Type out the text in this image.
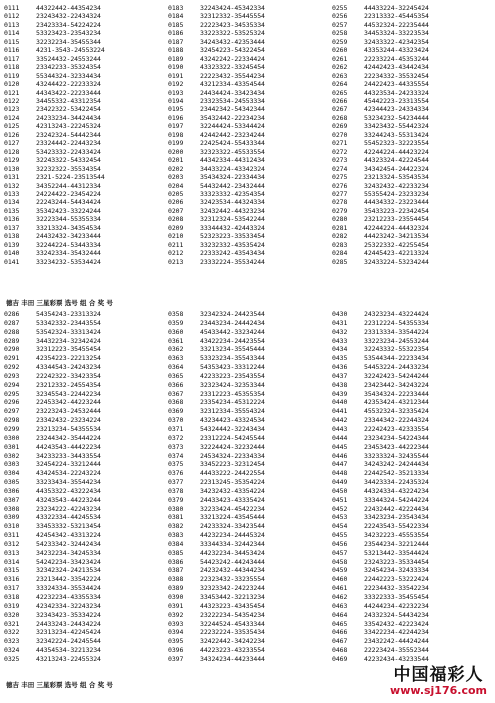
0111	44322442-44354234
0112	23243432-22434324
0113	23423334-54224224
0114	53323423-23543234
0115	32232234-35455344
0116	4231-3543-24553224
0117	33524432-24553244
0118	23342233-35324354
0119	55344324-32334434
0120	43244422-22233324
0121	44343422-22233444
0122	34455332-43312354
0123	23422322-53422454
0124	24233234-34424434
0125	42313243-22245324
0126	23242324-54442344
0127	23324442-22443234
0128	53423332-22433424
0129	32243322-54332454
0130	32232322-35534354
0131	2321-5224-23513544
0132	34352244-44312334
0133	24224422-23454224
0134	22243244-54434424
0135	35342423-33224244
0136	32223344-55355334
0137	33213324-34354534
0138	24432432-34233444
0139	32244224-53443334
0140	33242334-35432444
0141	33234232-53534424
0183	32243424-45342334
0184	32312332-35445554
0185	22223423-34535334
0186	33223322-53525324
0187	34243432-42353444
0188	32454223-54322454
0189	43242242-22334424
0190	43323322-33245454
0191	22223432-35544234
0192	43212334-43354544
0193	24434424-33423434
0194	23323534-24553334
0195	23442342-54342344
0196	35432442-22234234
0197	32244424-53344424
0198	42442442-23234244
0199	22425424-55433344
0200	32323322-45533554
0201	44342334-44312434
0202	34433224-43342324
0203	35434324-22334434
0204	54432442-23432444
0205	33323332-42354354
0206	32423534-44324334
0207	32432442-44323234
0208	32312324-53542244
0209	33344432-42443324
0210	52323223-33533454
0211	33232332-43535424
0212	22333242-43543434
0213	23332224-35534244
0255	44433224-32245424
0256	22313332-45445354
0257	44532324-22235444
0258	34453324-33223534
0259	32433322-42342354
0260	43353244-43323424
0261	22233224-45353244
0262	42442423-43442434
0263	22234332-35532454
0264	24422423-44335554
0265	44323534-24233324
0266	45442223-23313554
0267	42344423-24334334
0268	53234232-54234444
0269	33423432-55442324
0270	33244243-55313424
0271	55452323-32223554
0272	42244224-44423224
0273	44323324-42224544
0274	34342454-24422324
0275	23213324-53543534
0276	32432432-42233234
0277	55355424-23233234
0278	44434332-23223444
0279	35433223-22342454
0280	23212233-23554454
0281	42244224-44432324
0282	44423242-34213534
0283	25322332-42255454
0284	42445423-42213324
0285	32433224-53234244
德吉 丰田 三星彩票 选号 组 合 奖 号
0286	54354243-23313324
0287	53342332-23443554
0288	53542324-33313424
0289	34432234-32342424
0290	32312223-35455454
0291	42354223-22213254
0292	43344543-24243234
0293	22242322-33423354
0294	23212332-24554354
0295	32345543-22442234
0296	22453342-44223244
0297	23223243-24532444
0298	23342432-23234224
0299	23213234-54355534
0300	23244342-35444224
0301	44243543-44422234
0302	34233233-34433554
0303	32454224-33212444
0304	43424534-22243224
0305	33233434-35544234
0306	44353322-43222434
0307	43243543-44223244
0308	23234222-42243234
0309	43322334-44245534
0310	33453332-53213454
0311	42454342-43313224
0312	54233342-32442434
0313	34232234-34245334
0314	54242234-33423424
0315	32342324-24213534
0316	23213442-33542224
0317	33324334-35534424
0318	42232234-43355334
0319	42342334-32243234
0320	32343423-35334224
0321	24433243-24434224
0322	32313234-42245424
0323	32342224-24245544
0324	44354534-32213234
0325	43213243-22455324
0358	32342324-24423544
0359	23443234-24442434
0360	45433442-33234244
0361	43422234-24423554
0362	33213234-35545444
0363	53323234-35543344
0364	54353423-33312244
0365	42233223-23543554
0366	32323424-32353344
0367	23312223-45355354
0368	23354234-45312224
0369	32312334-35554324
0370	43234423-43324534
0371	54324442-32243434
0372	23312224-54245544
0373	32224424-32232444
0374	24534324-22334334
0375	33452223-32312454
0376	44433222-24422554
0377	22313245-35354224
0378	34232432-43354224
0379	24433423-43335424
0380	32233424-45422234
0381	33213224-43545444
0382	24233324-33423544
0383	44232234-24445324
0384	33344334-32442344
0385	44232234-34453424
0386	54423242-44243444
0387	24232432-44344234
0388	22323432-33235554
0389	32323342-24223244
0390	33453442-32213234
0391	44323223-43435454
0392	23222234-54354234
0393	32244524-45433344
0394	22232224-33535434
0395	32422442-34242234
0396	44223223-43233554
0397	34324234-44233444
0430	24323234-43224424
0431	22312224-54355334
0432	23313334-33544224
0433	33223234-24553244
0434	32243332-55322354
0435	53544344-22233434
0436	54453224-24433234
0437	32242423-54244244
0438	23423442-34243224
0439	35434324-22233444
0440	42353424-43212344
0441	45532324-32335424
0442	23344342-22244324
0443	22242423-42333554
0444	23234234-54224344
0445	23453423-44222344
0446	33233324-32435544
0447	34243242-24244434
0448	22442542-35213334
0449	34423334-22435324
0450	44324334-43224234
0451	33344324-54244224
0452	22432442-42224434
0453	33423234-23543434
0454	22243543-55422334
0455	34232223-45553554
0456	23544234-32212444
0457	53213442-33544424
0458	23243223-35334454
0459	32454234-32433334
0460	22442223-53222424
0461	22234432-33542234
0462	33322333-35455454
0463	44244234-42232234
0464	24332324-54434234
0465	33542432-42223424
0466	33422234-42244234
0467	23432242-44424244
0468	22223424-35552344
0469	42232434-43233544
德吉 丰田 三星彩票 选号 组 合 奖 号	中国福彩人
www.sj176.com
